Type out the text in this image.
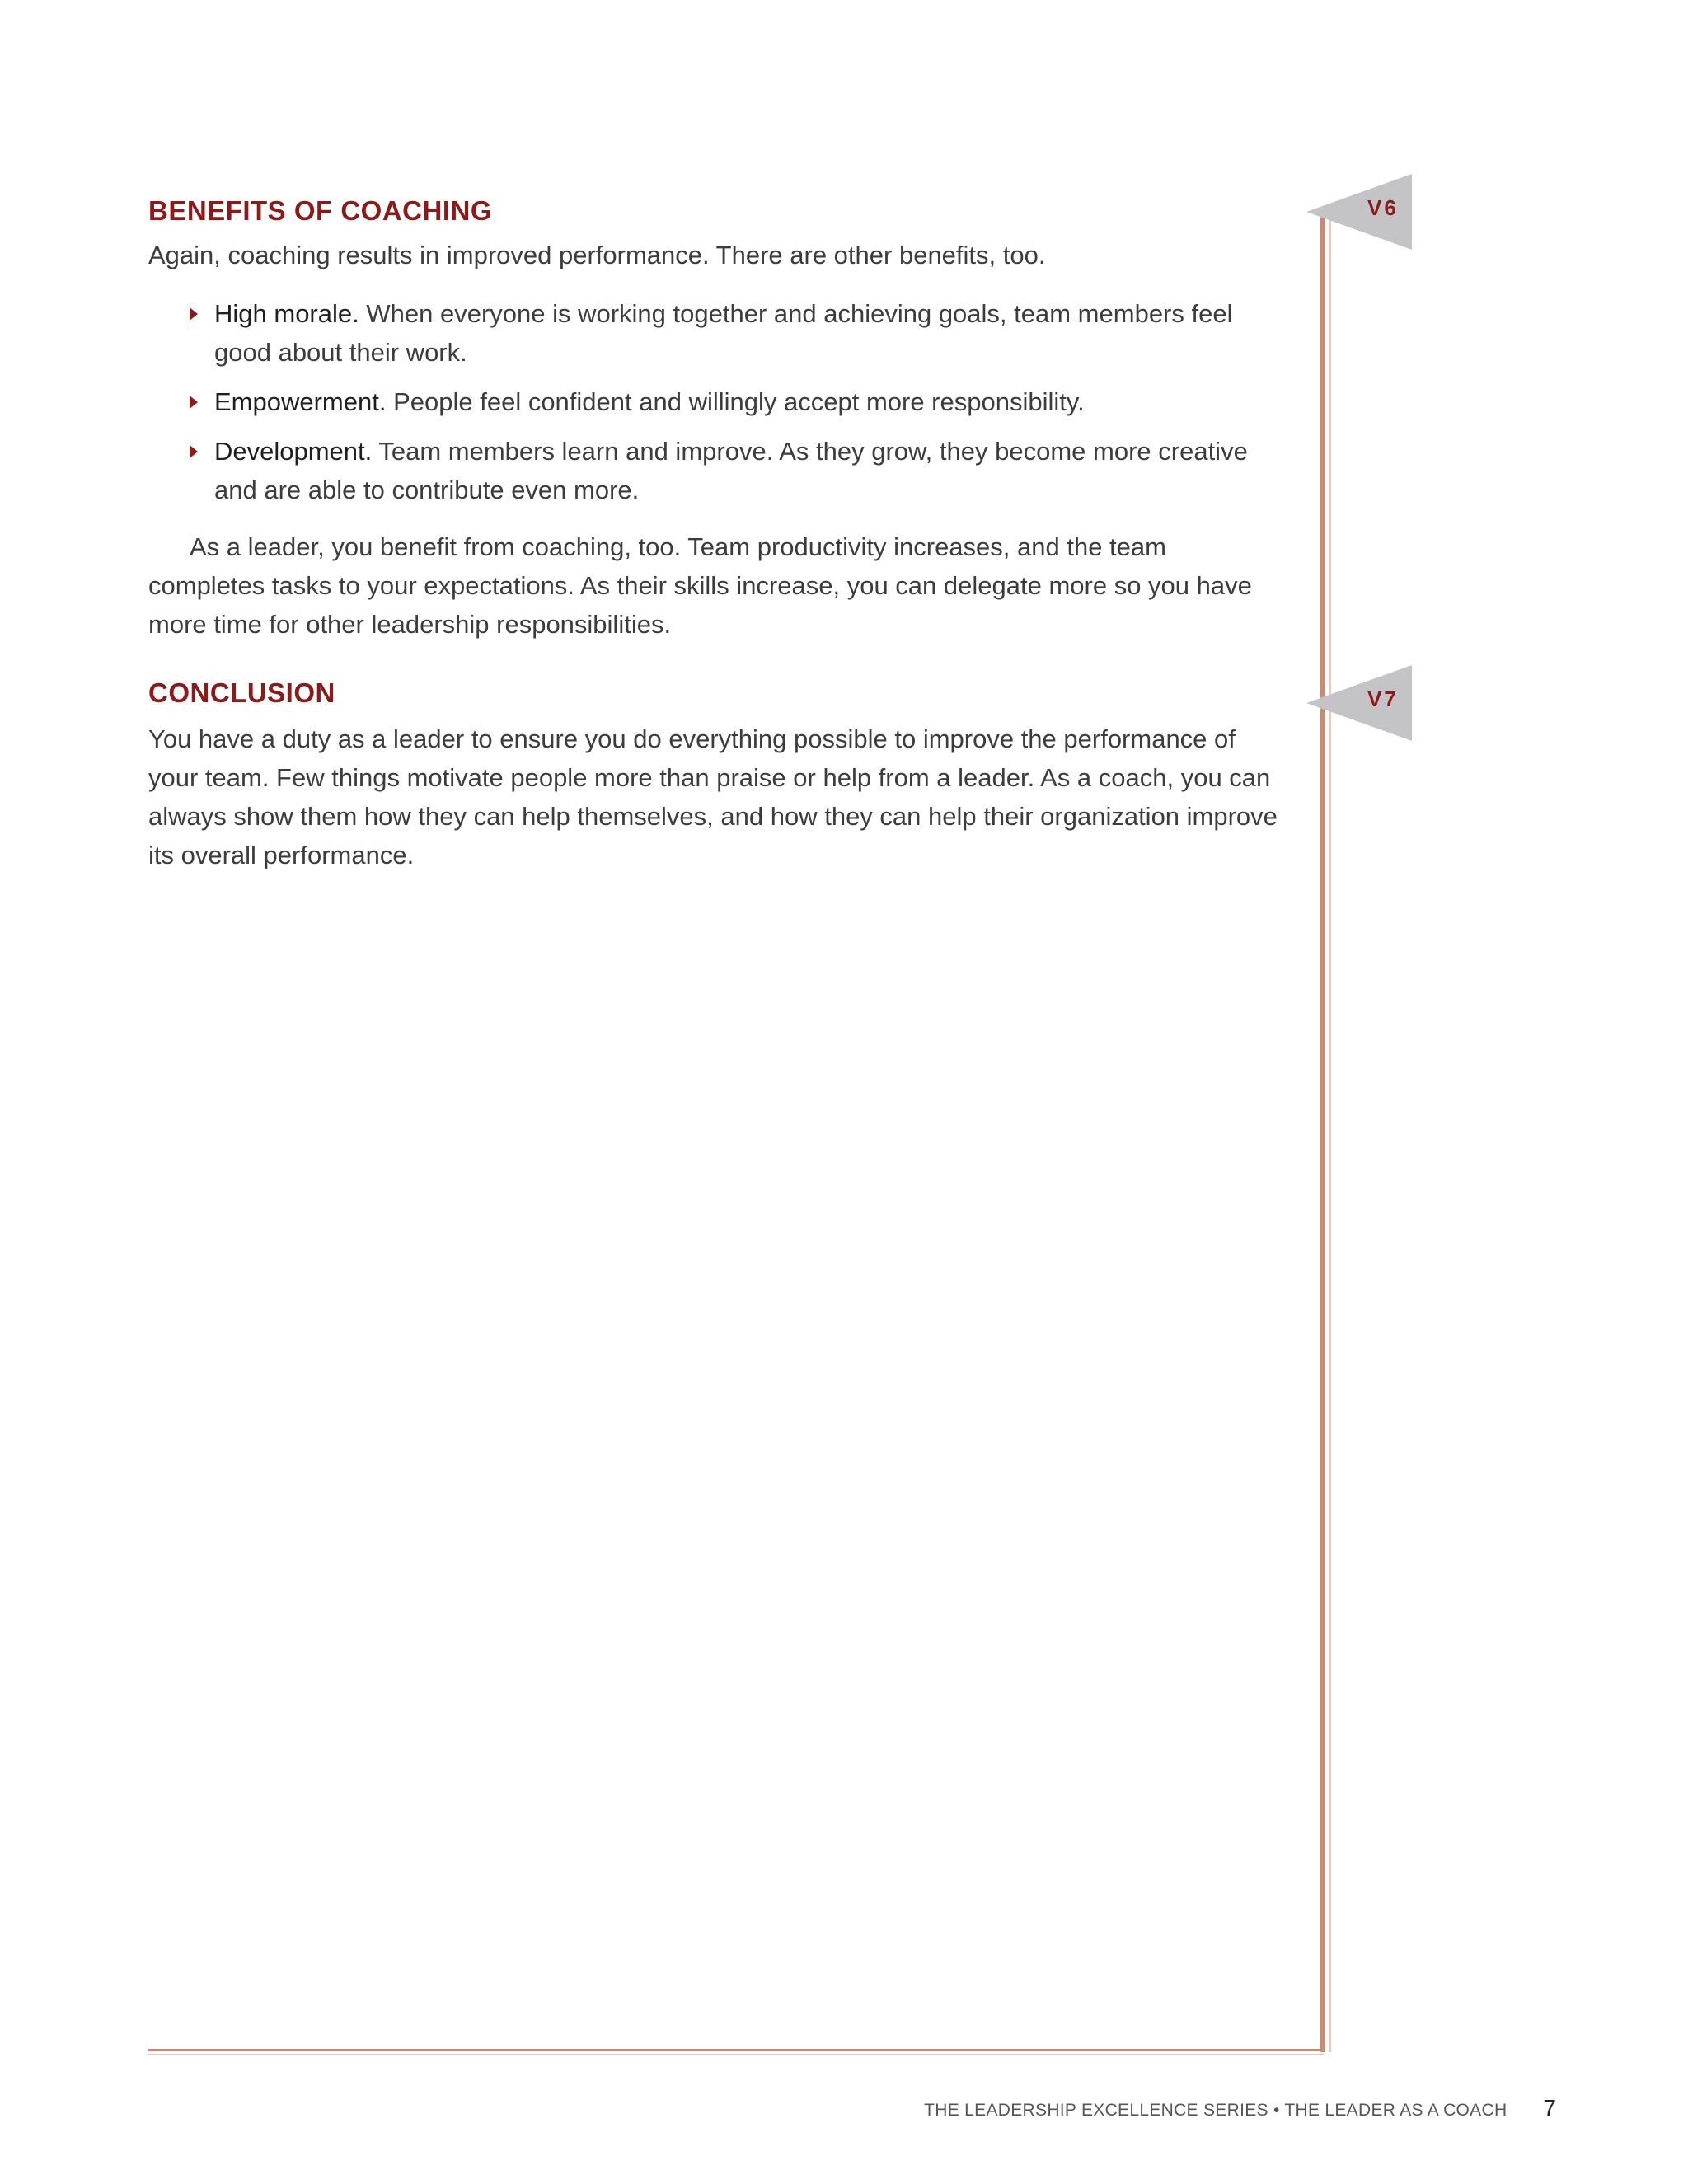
BENEFITS OF COACHING

Again, coaching results in improved performance. There are other benefits, too.

High morale. When everyone is working together and achieving goals, team members feel good about their work.
Empowerment. People feel confident and willingly accept more responsibility.
Development. Team members learn and improve. As they grow, they become more creative and are able to contribute even more.

As a leader, you benefit from coaching, too. Team productivity increases, and the team completes tasks to your expectations. As their skills increase, you can delegate more so you have more time for other leadership responsibilities.

CONCLUSION

You have a duty as a leader to ensure you do everything possible to improve the performance of your team. Few things motivate people more than praise or help from a leader. As a coach, you can always show them how they can help themselves, and how they can help their organization improve its overall performance.

V6
V7
THE LEADERSHIP EXCELLENCE SERIES • THE LEADER AS A COACH 7
